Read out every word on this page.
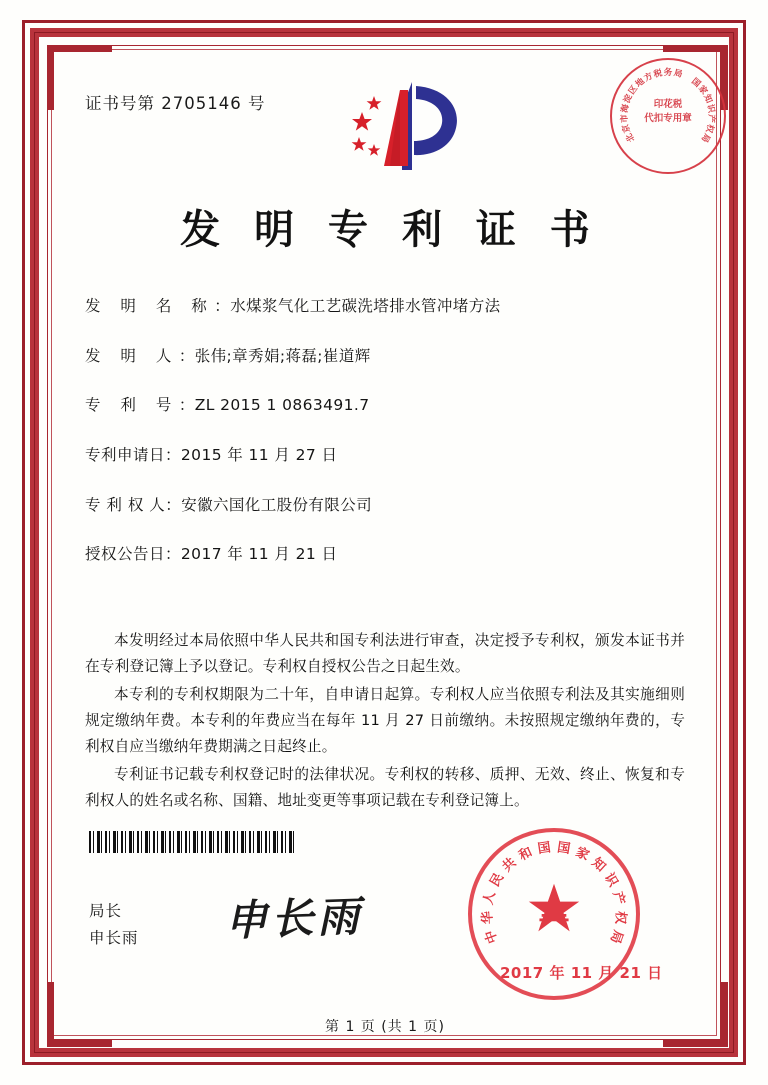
北
京
市
海
淀
区
地
方
税 务 局
国
家
知
识
产
权
局
印花税
代扣专用章
证书号第 2705146 号
发 明 专 利 证 书
发 明 名 称：水煤浆气化工艺碳洗塔排水管冲堵方法
发 明 人：张伟;章秀娟;蒋磊;崔道辉
专 利 号：ZL 2015 1 0863491.7
专利申请日：2015 年 11 月 27 日
专 利 权 人：安徽六国化工股份有限公司
授权公告日：2017 年 11 月 21 日

本发明经过本局依照中华人民共和国专利法进行审查，决定授予专利权，颁发本证书并在专利登记簿上予以登记。专利权自授权公告之日起生效。

本专利的专利权期限为二十年，自申请日起算。专利权人应当依照专利法及其实施细则规定缴纳年费。本专利的年费应当在每年 11 月 27 日前缴纳。未按照规定缴纳年费的，专利权自应当缴纳年费期满之日起终止。

专利证书记载专利权登记时的法律状况。专利权的转移、质押、无效、终止、恢复和专利权人的姓名或名称、国籍、地址变更等事项记载在专利登记簿上。

局长
申长雨 申长雨
第 1 页 (共 1 页)
中
华
人
民
共
和 国 国 家
知
识
产
权
局
2017 年 11 月 21 日
